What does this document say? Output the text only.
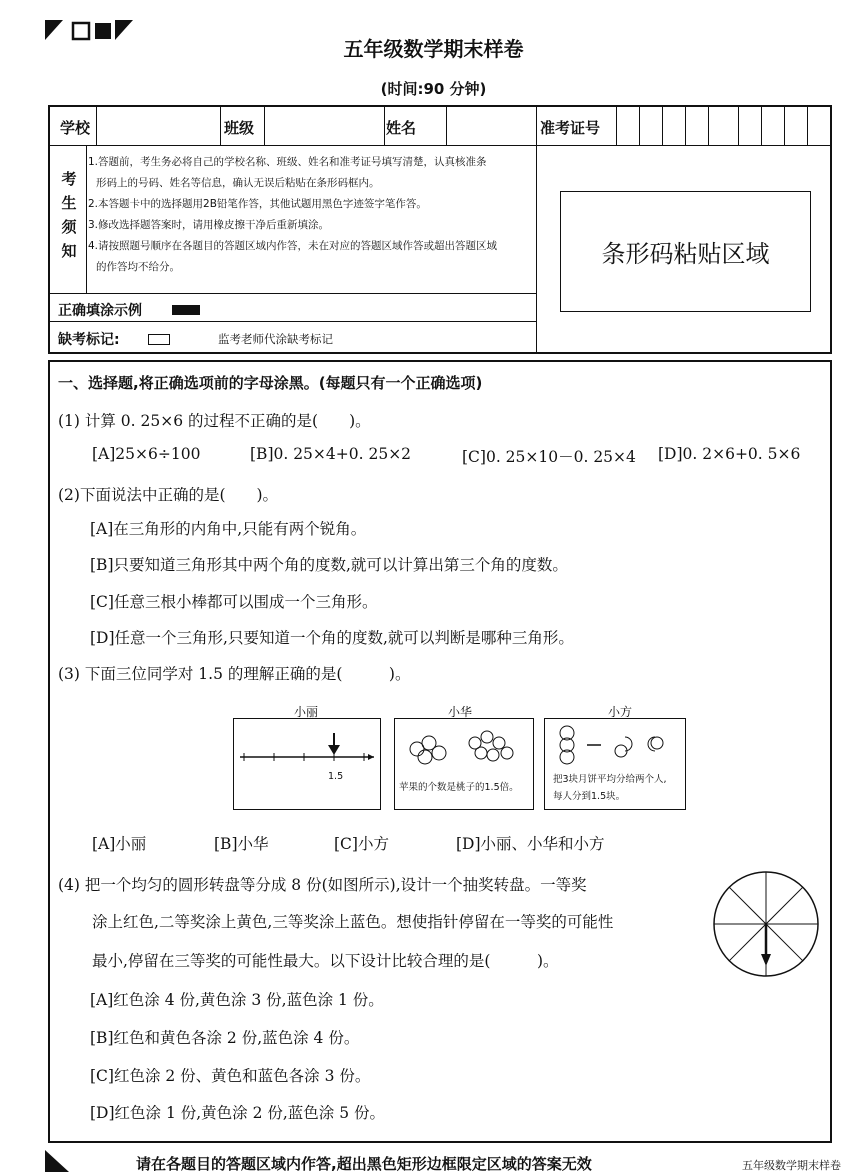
五年级数学期末样卷
(时间:90 分钟)
学校	班级	姓名	准考证号
考
生
须
知	条形码粘贴区域
正确填涂示例
缺考标记:	监考老师代涂缺考标记
1.答题前，考生务必将自己的学校名称、班级、姓名和准考证号填写清楚，认真核准条
形码上的号码、姓名等信息，确认无误后粘贴在条形码框内。
2.本答题卡中的选择题用2B铅笔作答，其他试题用黑色字迹签字笔作答。
3.修改选择题答案时，请用橡皮擦干净后重新填涂。
4.请按照题号顺序在各题目的答题区域内作答，未在对应的答题区域作答或超出答题区域
的作答均不给分。
一、选择题,将正确选项前的字母涂黑。(每题只有一个正确选项)
(1) 计算 0. 25×6 的过程不正确的是(　　)。
[A]25×6÷100	[B]0. 25×4+0. 25×2	[C]0. 25×10－0. 25×4 [D]0. 2×6+0. 5×6
(2)下面说法中正确的是(　　)。
[A]在三角形的内角中,只能有两个锐角。
[B]只要知道三角形其中两个角的度数,就可以计算出第三个角的度数。
[C]任意三根小棒都可以围成一个三角形。
[D]任意一个三角形,只要知道一个角的度数,就可以判断是哪种三角形。
(3) 下面三位同学对 1.5 的理解正确的是(　　　)。
小丽
1.5
小华
苹果的个数是桃子的1.5倍。
小方
把3块月饼平均分给两个人,
每人分到1.5块。
[A]小丽	[B]小华	[C]小方	[D]小丽、小华和小方
(4) 把一个均匀的圆形转盘等分成 8 份(如图所示),设计一个抽奖转盘。一等奖
涂上红色,二等奖涂上黄色,三等奖涂上蓝色。想使指针停留在一等奖的可能性
最小,停留在三等奖的可能性最大。以下设计比较合理的是(　　　)。
[A]红色涂 4 份,黄色涂 3 份,蓝色涂 1 份。
[B]红色和黄色各涂 2 份,蓝色涂 4 份。
[C]红色涂 2 份、黄色和蓝色各涂 3 份。
[D]红色涂 1 份,黄色涂 2 份,蓝色涂 5 份。
请在各题目的答题区域内作答,超出黑色矩形边框限定区域的答案无效	五年级数学期末样卷
